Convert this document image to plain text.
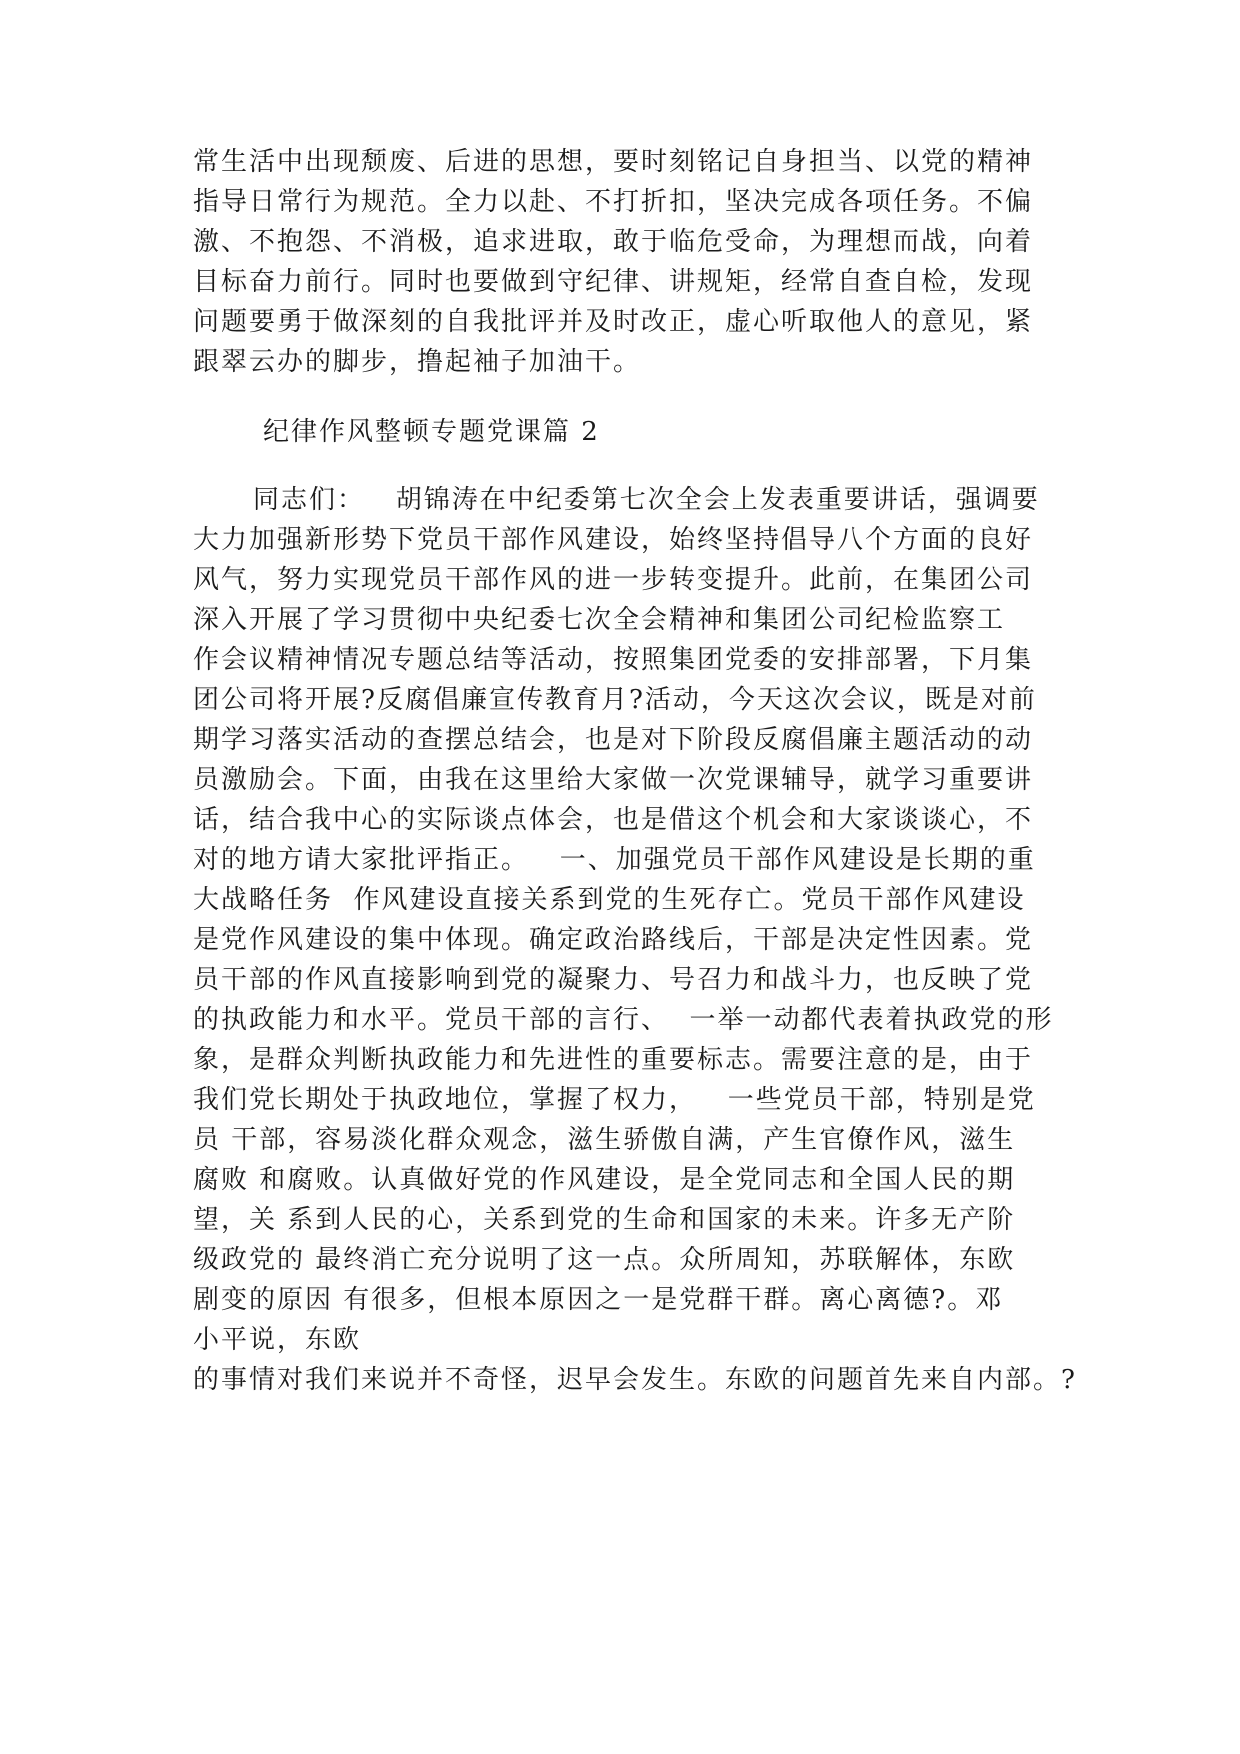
常生活中出现颓废、后进的思想，要时刻铭记自身担当、以党的精神

指导日常行为规范。全力以赴、不打折扣，坚决完成各项任务。不偏

激、不抱怨、不消极，追求进取，敢于临危受命，为理想而战，向着

目标奋力前行。同时也要做到守纪律、讲规矩，经常自查自检，发现

问题要勇于做深刻的自我批评并及时改正，虚心听取他人的意见，紧

跟翠云办的脚步，撸起袖子加油干。

纪律作风整顿专题党课篇 2

同志们：   胡锦涛在中纪委第七次全会上发表重要讲话，强调要

大力加强新形势下党员干部作风建设，始终坚持倡导八个方面的良好

风气，努力实现党员干部作风的进一步转变提升。此前，在集团公司

深入开展了学习贯彻中央纪委七次全会精神和集团公司纪检监察工

作会议精神情况专题总结等活动，按照集团党委的安排部署，下月集

团公司将开展?反腐倡廉宣传教育月?活动，今天这次会议，既是对前

期学习落实活动的查摆总结会，也是对下阶段反腐倡廉主题活动的动

员激励会。下面，由我在这里给大家做一次党课辅导，就学习重要讲

话，结合我中心的实际谈点体会，也是借这个机会和大家谈谈心，不

对的地方请大家批评指正。   一、加强党员干部作风建设是长期的重

大战略任务  作风建设直接关系到党的生死存亡。党员干部作风建设

是党作风建设的集中体现。确定政治路线后，干部是决定性因素。党

员干部的作风直接影响到党的凝聚力、号召力和战斗力，也反映了党

的执政能力和水平。党员干部的言行、  一举一动都代表着执政党的形

象，是群众判断执政能力和先进性的重要标志。需要注意的是，由于

我们党长期处于执政地位，掌握了权力，   一些党员干部，特别是党

员 干部，容易淡化群众观念，滋生骄傲自满，产生官僚作风，滋生

腐败 和腐败。认真做好党的作风建设，是全党同志和全国人民的期

望，关 系到人民的心，关系到党的生命和国家的未来。许多无产阶

级政党的 最终消亡充分说明了这一点。众所周知，苏联解体，东欧

剧变的原因 有很多，但根本原因之一是党群干群。离心离德?。邓

小平说，东欧

的事情对我们来说并不奇怪，迟早会发生。东欧的问题首先来自内部。?
